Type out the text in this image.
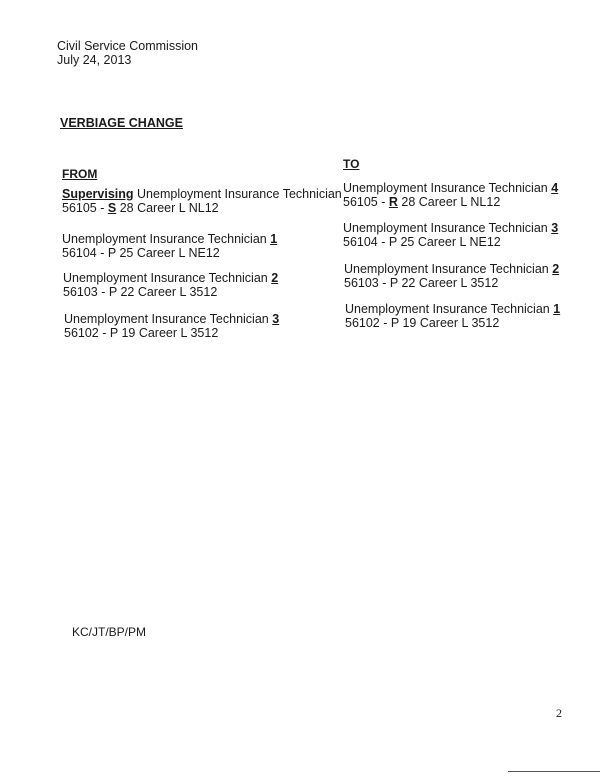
Civil Service Commission
July 24, 2013
VERBIAGE CHANGE
FROM
Supervising Unemployment Insurance Technician
56105 - S 28 Career L NL12
Unemployment Insurance Technician 1
56104 - P 25 Career L NE12
Unemployment Insurance Technician 2
56103 - P 22 Career L 3512
Unemployment Insurance Technician 3
56102 - P 19 Career L 3512
TO
Unemployment Insurance Technician 4
56105 - R 28 Career L NL12
Unemployment Insurance Technician 3
56104 - P 25 Career L NE12
Unemployment Insurance Technician 2
56103 - P 22 Career L 3512
Unemployment Insurance Technician 1
56102 - P 19 Career L 3512
KC/JT/BP/PM
2
